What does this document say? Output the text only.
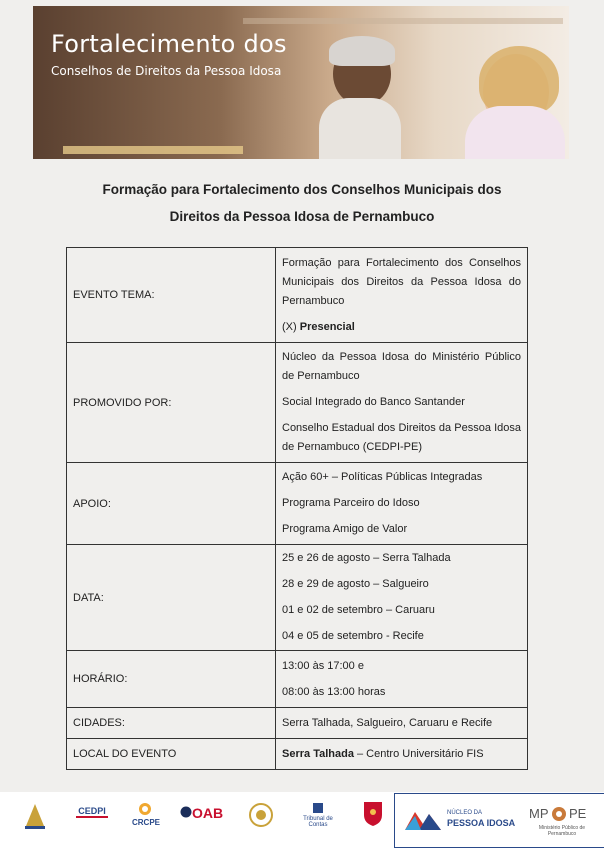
Fortalecimento dos
Conselhos de Direitos da Pessoa Idosa
Formação para Fortalecimento dos Conselhos Municipais dos
Direitos da Pessoa Idosa de Pernambuco
EVENTO TEMA:	Formação para Fortalecimento dos Conselhos Municipais dos Direitos da Pessoa Idosa do Pernambuco

(X) Presencial

PROMOVIDO POR:	Núcleo da Pessoa Idosa do Ministério Público de Pernambuco

Social Integrado do Banco Santander

Conselho Estadual dos Direitos da Pessoa Idosa de Pernambuco (CEDPI-PE)

APOIO:	Ação 60+ – Políticas Públicas Integradas

Programa Parceiro do Idoso

Programa Amigo de Valor

DATA:	25 e 26 de agosto – Serra Talhada

28 e 29 de agosto – Salgueiro

01 e 02 de setembro – Caruaru

04 e 05 de setembro - Recife

HORÁRIO:	13:00 às 17:00 e

08:00 às 13:00 horas

CIDADES:	Serra Talhada, Salgueiro, Caruaru e Recife

LOCAL DO EVENTO	Serra Talhada – Centro Universitário FIS

CEDPI
CRCPE
OAB	Tribunal de Contas
NÚCLEO DA
PESSOA IDOSA
MP PE
Ministério Público de Pernambuco
